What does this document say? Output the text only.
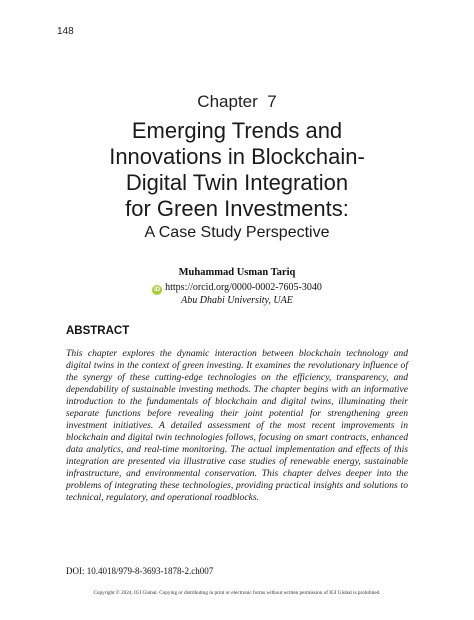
148
Chapter  7
Emerging Trends and
Innovations in Blockchain-
Digital Twin Integration
for Green Investments:
A Case Study Perspective
Muhammad Usman Tariq
iD https://orcid.org/0000-0002-7605-3040
Abu Dhabi University, UAE
ABSTRACT

This chapter explores the dynamic interaction between blockchain technology and digital twins in the context of green investing. It examines the revolutionary influence of the synergy of these cutting-edge technologies on the efficiency, transparency, and dependability of sustainable investing methods. The chapter begins with an informative introduction to the fundamentals of blockchain and digital twins, illuminating their separate functions before revealing their joint potential for strengthening green investment initiatives. A detailed assessment of the most recent improvements in blockchain and digital twin technologies follows, focusing on smart contracts, enhanced data analytics, and real-time monitoring. The actual implementation and effects of this integration are presented via illustrative case studies of renewable energy, sustainable infrastructure, and environmental conservation. This chapter delves deeper into the problems of integrating these technologies, providing practical insights and solutions to technical, regulatory, and operational roadblocks.

DOI: 10.4018/979-8-3693-1878-2.ch007
Copyright © 2024, IGI Global. Copying or distributing in print or electronic forms without written permission of IGI Global is prohibited.
